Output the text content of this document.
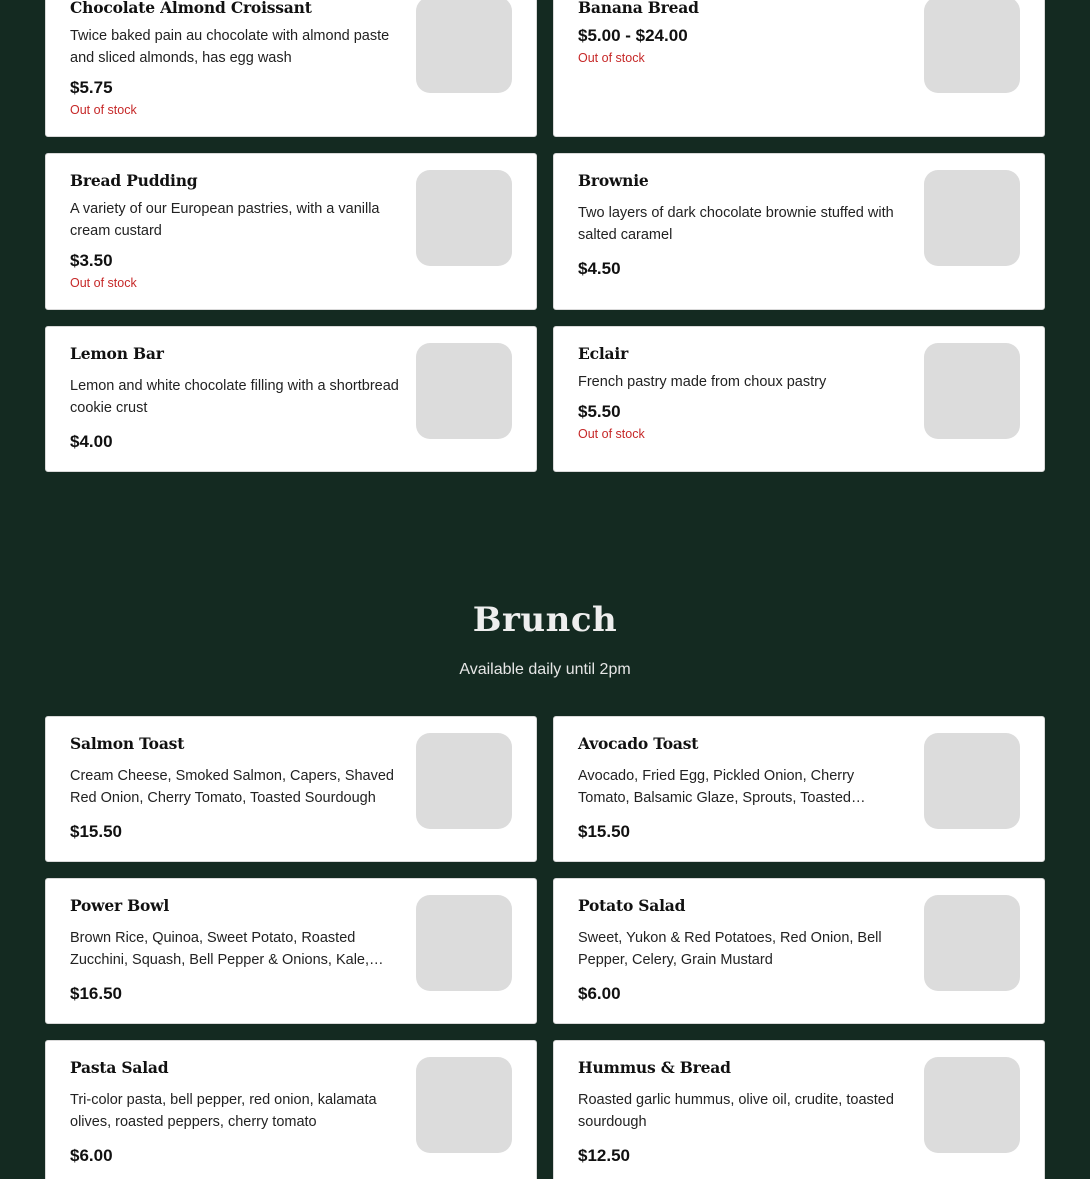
Chocolate Almond Croissant
Twice baked pain au chocolate with almond paste and sliced almonds, has egg wash
$5.75
Out of stock
Banana Bread
$5.00 - $24.00
Out of stock
Bread Pudding
A variety of our European pastries, with a vanilla cream custard
$3.50
Out of stock
Brownie
Two layers of dark chocolate brownie stuffed with salted caramel
$4.50
Lemon Bar
Lemon and white chocolate filling with a shortbread cookie crust
$4.00
Eclair
French pastry made from choux pastry
$5.50
Out of stock
Brunch
Available daily until 2pm
Salmon Toast
Cream Cheese, Smoked Salmon, Capers, Shaved Red Onion, Cherry Tomato, Toasted Sourdough
$15.50
Avocado Toast
Avocado, Fried Egg, Pickled Onion, Cherry Tomato, Balsamic Glaze, Sprouts, Toasted
$15.50
Power Bowl
Brown Rice, Quinoa, Sweet Potato, Roasted Zucchini, Squash, Bell Pepper & Onions, Kale,
$16.50
Potato Salad
Sweet, Yukon & Red Potatoes, Red Onion, Bell Pepper, Celery, Grain Mustard
$6.00
Pasta Salad
Tri-color pasta, bell pepper, red onion, kalamata olives, roasted peppers, cherry tomato
$6.00
Hummus & Bread
Roasted garlic hummus, olive oil, crudite, toasted sourdough
$12.50
